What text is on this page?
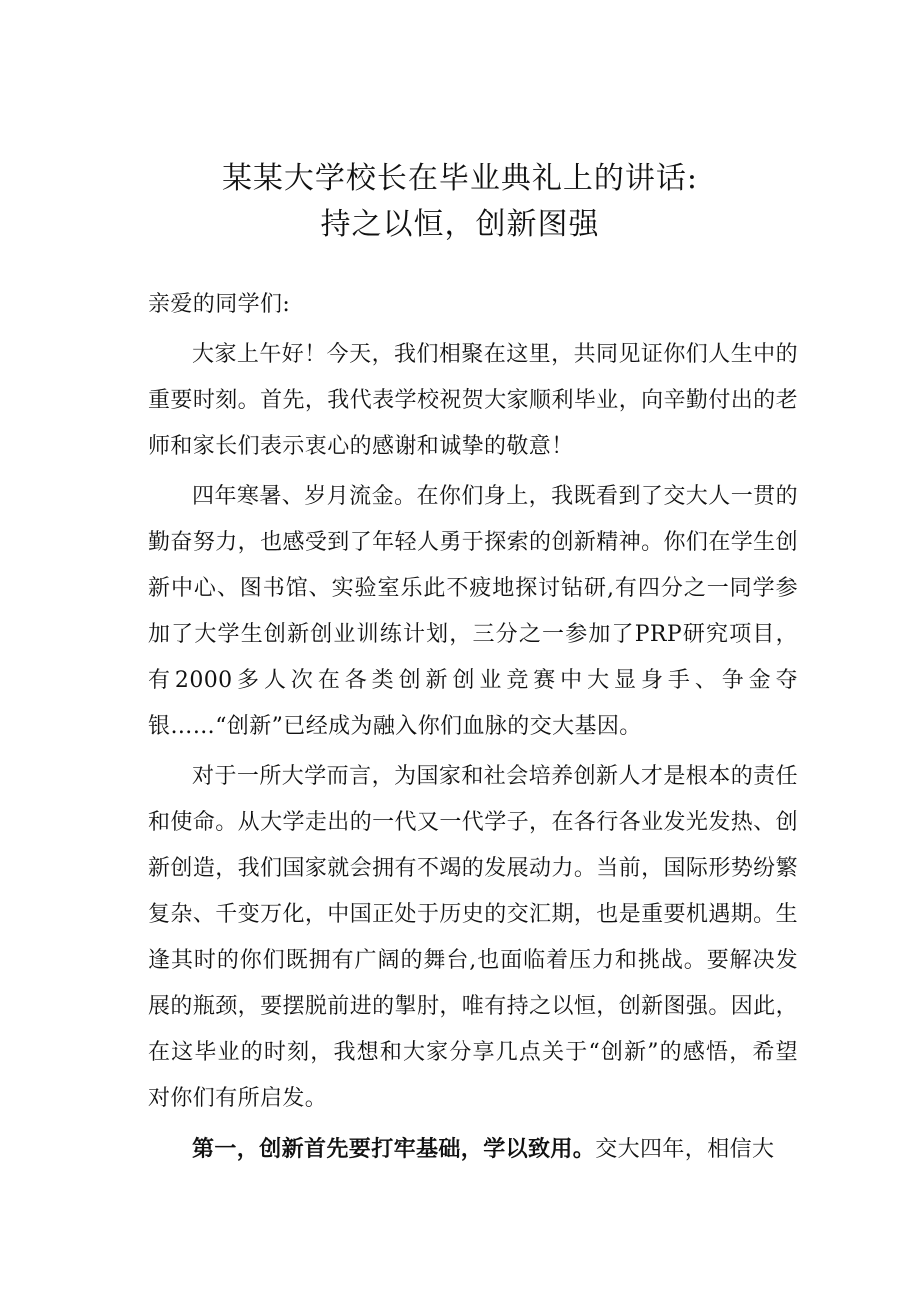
某某大学校长在毕业典礼上的讲话:
持之以恒，创新图强

亲爱的同学们:

大家上午好！今天，我们相聚在这里，共同见证你们人生中的重要时刻。首先，我代表学校祝贺大家顺利毕业，向辛勤付出的老师和家长们表示衷心的感谢和诚挚的敬意！

四年寒暑、岁月流金。在你们身上，我既看到了交大人一贯的勤奋努力，也感受到了年轻人勇于探索的创新精神。你们在学生创新中心、图书馆、实验室乐此不疲地探讨钻研,有四分之一同学参加了大学生创新创业训练计划，三分之一参加了PRP研究项目，有2000多人次在各类创新创业竞赛中大显身手、争金夺银……“创新”已经成为融入你们血脉的交大基因。

对于一所大学而言，为国家和社会培养创新人才是根本的责任和使命。从大学走出的一代又一代学子，在各行各业发光发热、创新创造，我们国家就会拥有不竭的发展动力。当前，国际形势纷繁复杂、千变万化，中国正处于历史的交汇期，也是重要机遇期。生逢其时的你们既拥有广阔的舞台,也面临着压力和挑战。要解决发展的瓶颈，要摆脱前进的掣肘，唯有持之以恒，创新图强。因此，在这毕业的时刻，我想和大家分享几点关于“创新”的感悟，希望对你们有所启发。

第一，创新首先要打牢基础，学以致用。交大四年，相信大
